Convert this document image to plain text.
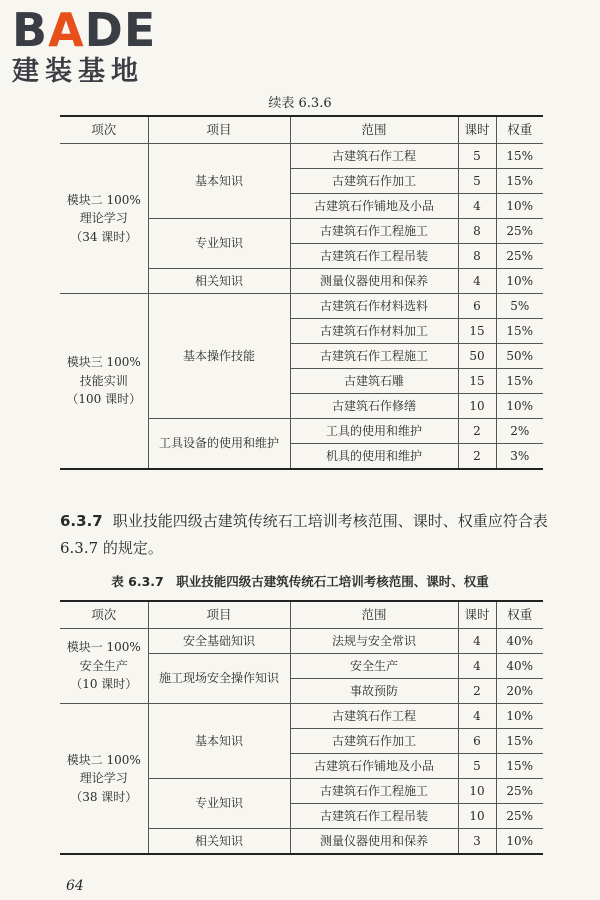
BADE
建装基地
续表 6.3.6
项次	项目	范围	课时	权重

模块二 100%
理论学习
（34 课时）	基本知识	古建筑石作工程	5	15%
		古建筑石作加工	5	15%
		古建筑石作铺地及小品	4	10%
	专业知识	古建筑石作工程施工	8	25%
		古建筑石作工程吊装	8	25%
	相关知识	测量仪器使用和保养	4	10%

模块三 100%
技能实训
（100 课时）	基本操作技能	古建筑石作材料选料	6	5%
		古建筑石作材料加工	15	15%
		古建筑石作工程施工	50	50%
		古建筑石雕	15	15%
		古建筑石作修缮	10	10%
	工具设备的使用和维护	工具的使用和维护	2	2%
		机具的使用和维护	2	3%
6.3.7 职业技能四级古建筑传统石工培训考核范围、课时、权重应符合表 6.3.7 的规定。
表 6.3.7　职业技能四级古建筑传统石工培训考核范围、课时、权重
项次	项目	范围	课时	权重

模块一 100%
安全生产
（10 课时）	安全基础知识	法规与安全常识	4	40%
	施工现场安全操作知识	安全生产	4	40%
		事故预防	2	20%

模块二 100%
理论学习
（38 课时）	基本知识	古建筑石作工程	4	10%
		古建筑石作加工	6	15%
		古建筑石作铺地及小品	5	15%
	专业知识	古建筑石作工程施工	10	25%
		古建筑石作工程吊装	10	25%
	相关知识	测量仪器使用和保养	3	10%
64
